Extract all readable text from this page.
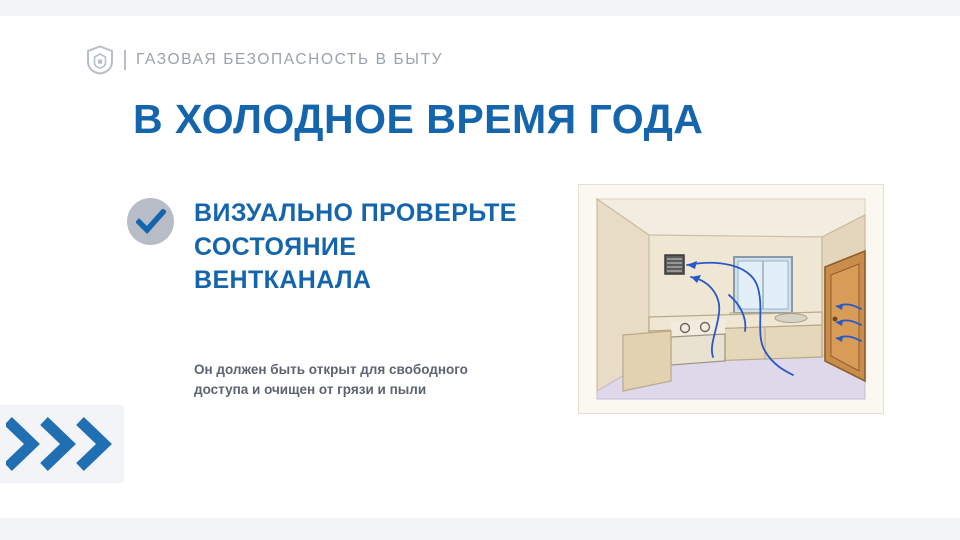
ГАЗОВАЯ БЕЗОПАСНОСТЬ В БЫТУ
В ХОЛОДНОЕ ВРЕМЯ ГОДА
ВИЗУАЛЬНО ПРОВЕРЬТЕ СОСТОЯНИЕ ВЕНТКАНАЛА
Он должен быть открыт для свободного доступа и очищен от грязи и пыли
